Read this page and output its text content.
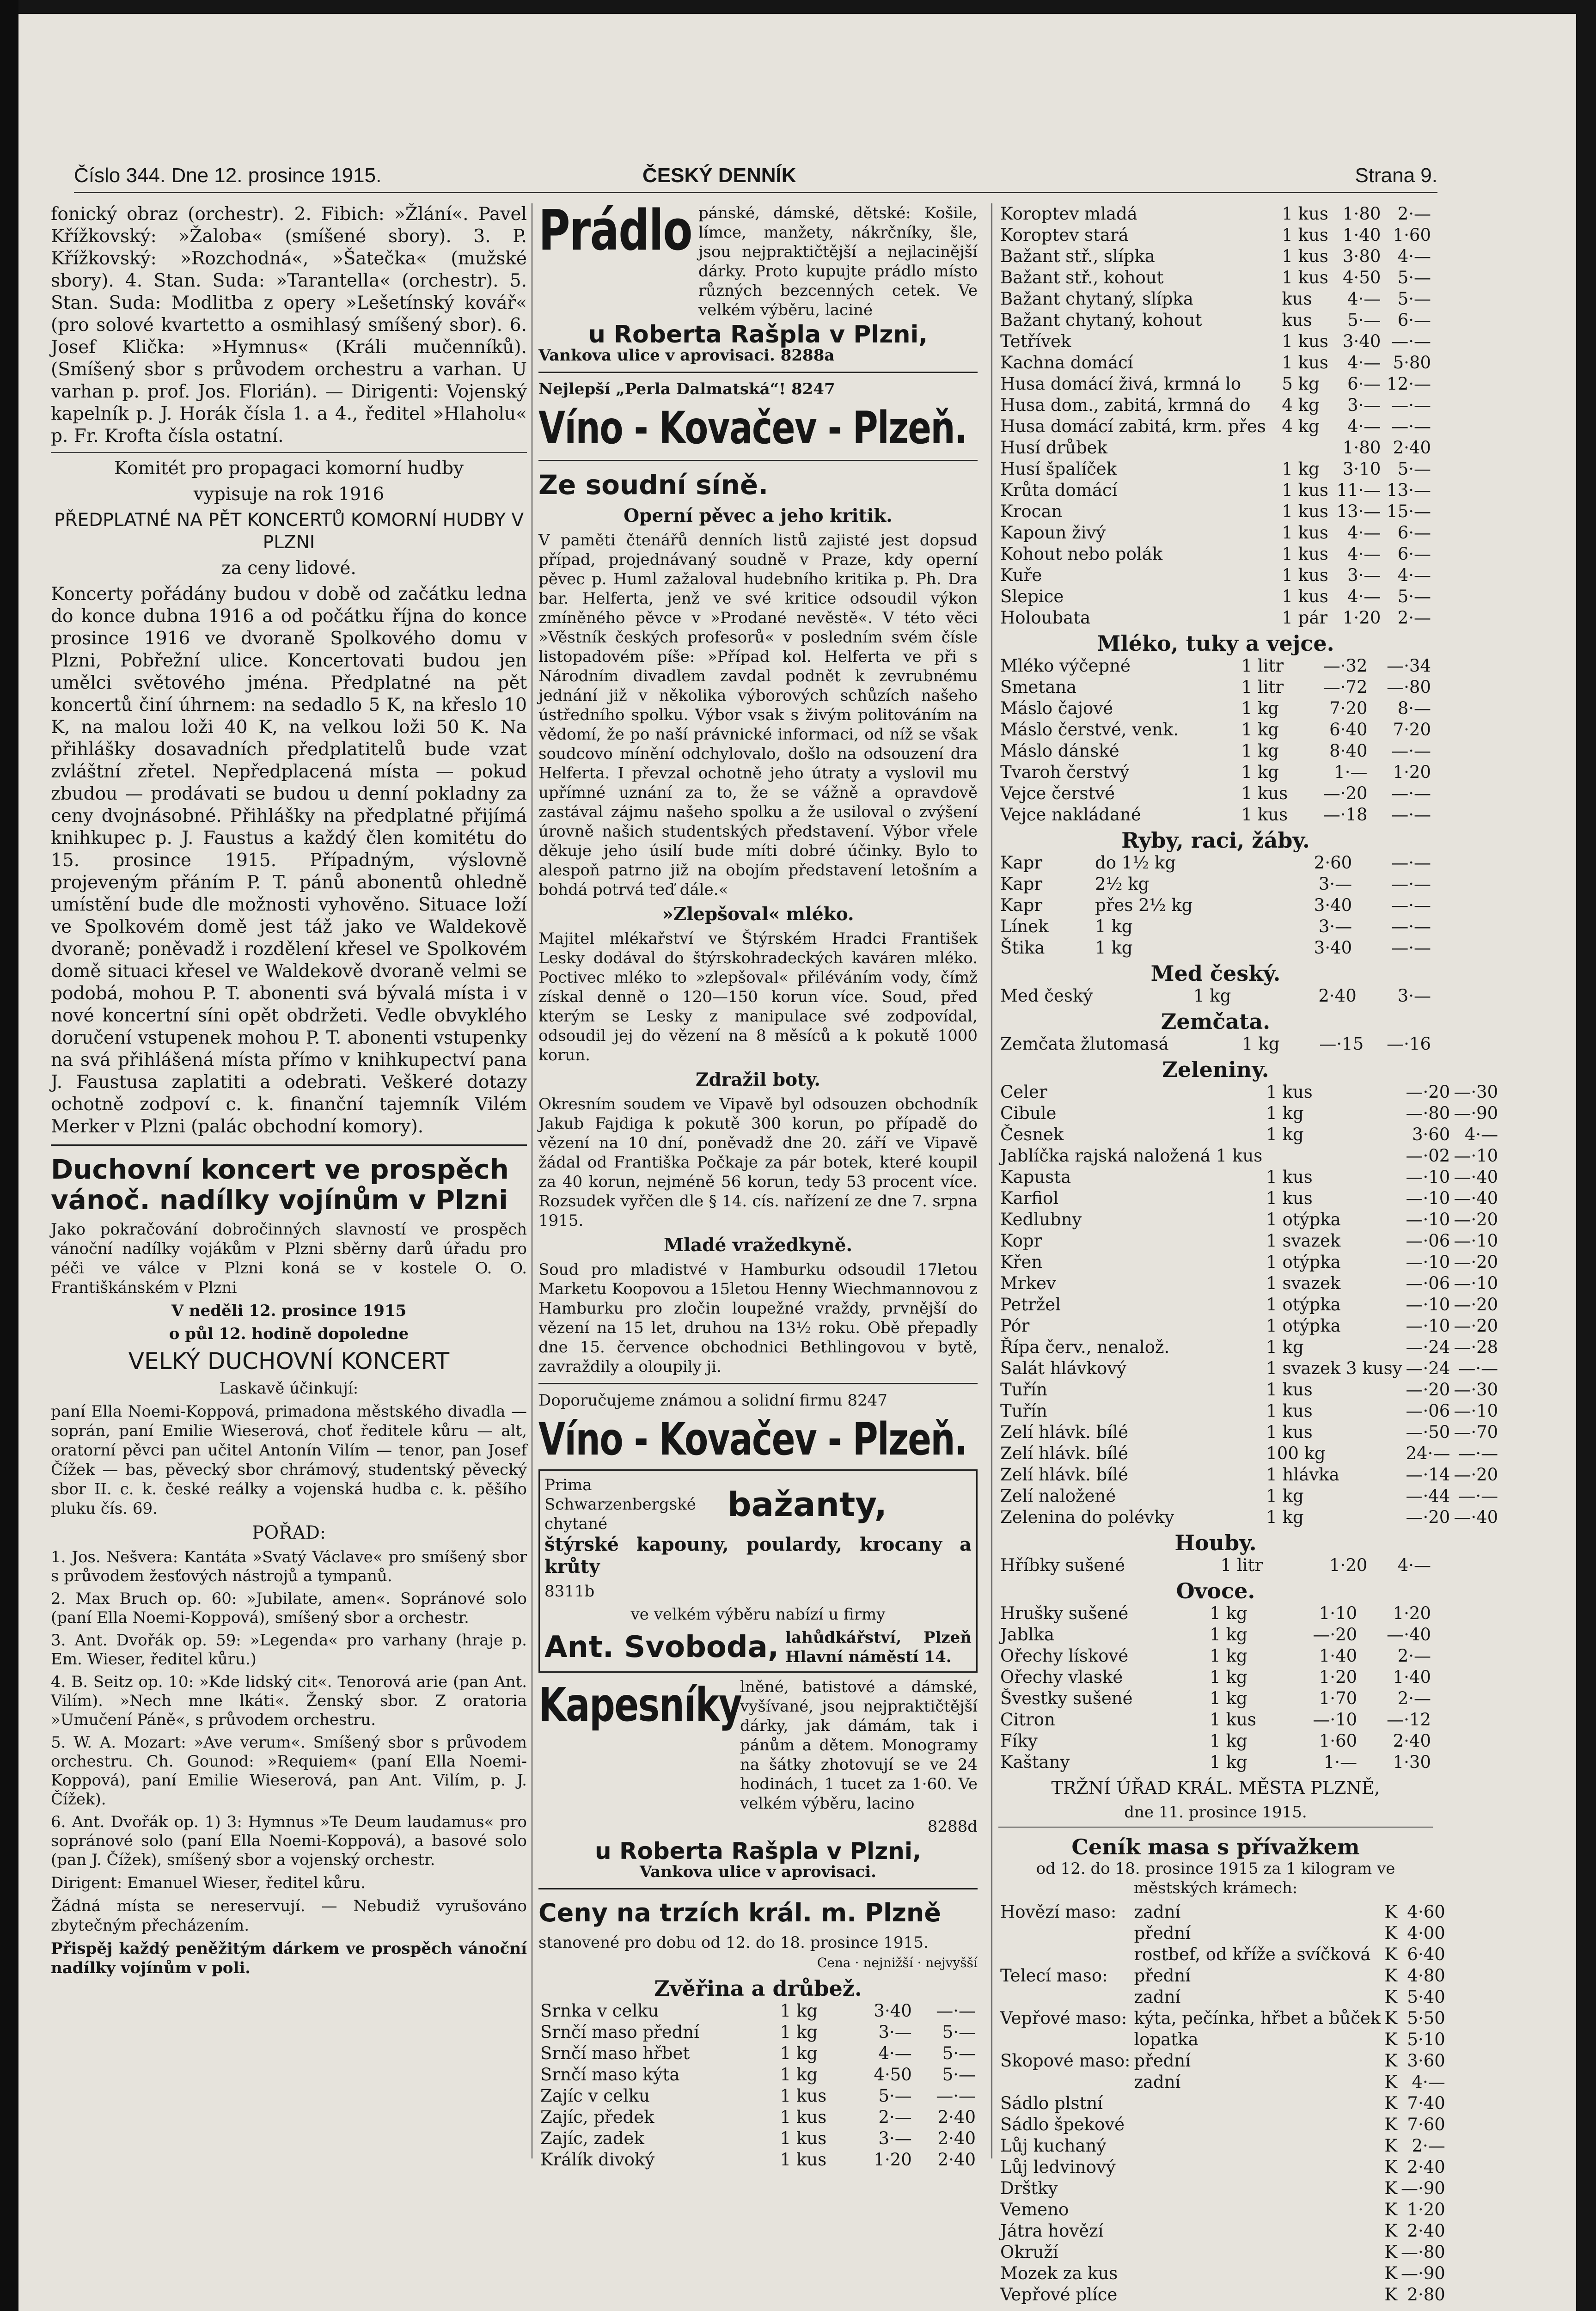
Číslo 344. Dne 12. prosince 1915.	ČESKÝ DENNÍK	Strana 9.

fonický obraz (orchestr). 2. Fibich: »Žlání«. Pavel Křížkovský: »Žaloba« (smíšené sbory). 3. P. Křížkovský: »Rozchodná«, »Šatečka« (mužské sbory). 4. Stan. Suda: »Tarantella« (orchestr). 5. Stan. Suda: Modlitba z opery »Lešetínský kovář« (pro solové kvartetto a osmihlasý smíšený sbor). 6. Josef Klička: »Hymnus« (Králi mučenníků). (Smíšený sbor s průvodem orchestru a varhan. U varhan p. prof. Jos. Florián). — Dirigenti: Vojenský kapelník p. J. Horák čísla 1. a 4., ředitel »Hlaholu« p. Fr. Krofta čísla ostatní.

Komitét pro propagaci komorní hudby

vypisuje na rok 1916

PŘEDPLATNÉ NA PĚT KONCERTŮ KOMORNÍ HUDBY V PLZNI

za ceny lidové.

Koncerty pořádány budou v době od začátku ledna do konce dubna 1916 a od počátku října do konce prosince 1916 ve dvoraně Spolkového domu v Plzni, Pobřežní ulice. Koncertovati budou jen umělci světového jména. Předplatné na pět koncertů činí úhrnem: na sedadlo 5 K, na křeslo 10 K, na malou loži 40 K, na velkou loži 50 K. Na přihlášky dosavadních předplatitelů bude vzat zvláštní zřetel. Nepředplacená místa — pokud zbudou — prodávati se budou u denní pokladny za ceny dvojnásobné. Přihlášky na předplatné přijímá knihkupec p. J. Faustus a každý člen komitétu do 15. prosince 1915. Případným, výslovně projeveným přáním P. T. pánů abonentů ohledně umístění bude dle možnosti vyhověno. Situace loží ve Spolkovém domě jest táž jako ve Waldekově dvoraně; poněvadž i rozdělení křesel ve Spolkovém domě situaci křesel ve Waldekově dvoraně velmi se podobá, mohou P. T. abonenti svá bývalá místa i v nové koncertní síni opět obdržeti. Vedle obvyklého doručení vstupenek mohou P. T. abonenti vstupenky na svá přihlášená místa přímo v knihkupectví pana J. Faustusa zaplatiti a odebrati. Veškeré dotazy ochotně zodpoví c. k. finanční tajemník Vilém Merker v Plzni (palác obchodní komory).

Duchovní koncert ve prospěch vánoč. nadílky vojínům v Plzni

Jako pokračování dobročinných slavností ve prospěch vánoční nadílky vojákům v Plzni sběrny darů úřadu pro péči ve válce v Plzni koná se v kostele O. O. Františkánském v Plzni

V neděli 12. prosince 1915

o půl 12. hodině dopoledne

VELKÝ DUCHOVNÍ KONCERT

Laskavě účinkují:

paní Ella Noemi-Koppová, primadona městského divadla — soprán, paní Emilie Wieserová, choť ředitele kůru — alt, oratorní pěvci pan učitel Antonín Vilím — tenor, pan Josef Čížek — bas, pěvecký sbor chrámový, studentský pěvecký sbor II. c. k. české reálky a vojenská hudba c. k. pěšího pluku čís. 69.

POŘAD:

1. Jos. Nešvera: Kantáta »Svatý Václave« pro smíšený sbor s průvodem žesťových nástrojů a tympanů.

2. Max Bruch op. 60: »Jubilate, amen«. Sopránové solo (paní Ella Noemi-Koppová), smíšený sbor a orchestr.

3. Ant. Dvořák op. 59: »Legenda« pro varhany (hraje p. Em. Wieser, ředitel kůru.)

4. B. Seitz op. 10: »Kde lidský cit«. Tenorová arie (pan Ant. Vilím). »Nech mne lkáti«. Ženský sbor. Z oratoria »Umučení Páně«, s průvodem orchestru.

5. W. A. Mozart: »Ave verum«. Smíšený sbor s průvodem orchestru. Ch. Gounod: »Requiem« (paní Ella Noemi-Koppová), paní Emilie Wieserová, pan Ant. Vilím, p. J. Čížek).

6. Ant. Dvořák op. 1) 3: Hymnus »Te Deum laudamus« pro sopránové solo (paní Ella Noemi-Koppová), a basové solo (pan J. Čížek), smíšený sbor a vojenský orchestr.

Dirigent: Emanuel Wieser, ředitel kůru.

Žádná místa se nereservují. — Nebudiž vyrušováno zbytečným přecházením.

Přispěj každý peněžitým dárkem ve prospěch vánoční nadílky vojínům v poli.

Prádlo pánské, dámské, dětské: Košile, límce, manžety, nákrčníky, šle, jsou nejpraktičtější a nejlacinější dárky. Proto kupujte prádlo místo různých bezcenných cetek. Ve velkém výběru, laciné

u Roberta Rašpla v Plzni,

Vankova ulice v aprovisaci. 8288a

Nejlepší „Perla Dalmatská“! 8247

Víno - Kovačev - Plzeň.
Ze soudní síně.

Operní pěvec a jeho kritik.

V paměti čtenářů denních listů zajisté jest dopsud případ, projednávaný soudně v Praze, kdy operní pěvec p. Huml zažaloval hudebního kritika p. Ph. Dra bar. Helferta, jenž ve své kritice odsoudil výkon zmíněného pěvce v »Prodané nevěstě«. V této věci »Věstník českých profesorů« v posledním svém čísle listopadovém píše: »Případ kol. Helferta ve při s Národním divadlem zavdal podnět k zevrubnému jednání již v několika výborových schůzích našeho ústředního spolku. Výbor vsak s živým politováním na vědomí, že po naší právnické informaci, od níž se však soudcovo mínění odchylovalo, došlo na odsouzení dra Helferta. I převzal ochotně jeho útraty a vyslovil mu upřímné uznání za to, že se vážně a opravdově zastával zájmu našeho spolku a že usiloval o zvýšení úrovně našich studentských představení. Výbor vřele děkuje jeho úsilí bude míti dobré účinky. Bylo to alespoň patrno již na obojím představení letošním a bohdá potrvá teď dále.«

»Zlepšoval« mléko.

Majitel mlékařství ve Štýrském Hradci František Lesky dodával do štýrskohradeckých kaváren mléko. Poctivec mléko to »zlepšoval« přiléváním vody, čímž získal denně o 120—150 korun více. Soud, před kterým se Lesky z manipulace své zodpovídal, odsoudil jej do vězení na 8 měsíců a k pokutě 1000 korun.

Zdražil boty.

Okresním soudem ve Vipavě byl odsouzen obchodník Jakub Fajdiga k pokutě 300 korun, po případě do vězení na 10 dní, poněvadž dne 20. září ve Vipavě žádal od Františka Počkaje za pár botek, které koupil za 40 korun, nejméně 56 korun, tedy 53 procent více. Rozsudek vyřčen dle § 14. cís. nařízení ze dne 7. srpna 1915.

Mladé vražedkyně.

Soud pro mladistvé v Hamburku odsoudil 17letou Marketu Koopovou a 15letou Henny Wiechmannovou z Hamburku pro zločin loupežné vraždy, prvnější do vězení na 15 let, druhou na 13½ roku. Obě přepadly dne 15. července obchodnici Bethlingovou v bytě, zavraždily a oloupily ji.

Doporučujeme známou a solidní firmu 8247

Víno - Kovačev - Plzeň.

Prima Schwarzenbergské chytané	bažanty,

štýrské kapouny, poulardy, krocany a krůty

8311b

ve velkém výběru nabízí u firmy

Ant. Svoboda, lahůdkářství, Plzeň Hlavní náměstí 14.

Kapesníky

lněné, batistové a dámské, vyšívané, jsou nejpraktičtější dárky, jak dámám, tak i pánům a dětem. Monogramy na šátky zhotovují se ve 24 hodinách, 1 tucet za 1·60. Ve velkém výběru, lacino

8288d

u Roberta Rašpla v Plzni,

Vankova ulice v aprovisaci.

Ceny na trzích král. m. Plzně

stanovené pro dobu od 12. do 18. prosince 1915.

Cena · nejnižší · nejvyšší

Zvěřina a drůbež.
Srnka v celku	1 kg	3·40	—·—
Srnčí maso přední	1 kg	3·—	5·—
Srnčí maso hřbet	1 kg	4·—	5·—
Srnčí maso kýta	1 kg	4·50	5·—
Zajíc v celku	1 kus	5·—	—·—
Zajíc, předek	1 kus	2·—	2·40
Zajíc, zadek	1 kus	3·—	2·40
Králík divoký	1 kus	1·20	2·40
Koroptev mladá	1 kus	1·80	2·—
Koroptev stará	1 kus	1·40	1·60
Bažant stř., slípka	1 kus	3·80	4·—
Bažant stř., kohout	1 kus	4·50	5·—
Bažant chytaný, slípka	kus	4·—	5·—
Bažant chytaný, kohout	kus	5·—	6·—
Tetřívek	1 kus	3·40	—·—
Kachna domácí	1 kus	4·—	5·80
Husa domácí živá, krmná lo	5 kg	6·—	12·—
Husa dom., zabitá, krmná do	4 kg	3·—	—·—
Husa domácí zabitá, krm. přes	4 kg	4·—	—·—
Husí drůbek		1·80	2·40
Husí špalíček	1 kg	3·10	5·—
Krůta domácí	1 kus	11·—	13·—
Krocan	1 kus	13·—	15·—
Kapoun živý	1 kus	4·—	6·—
Kohout nebo polák	1 kus	4·—	6·—
Kuře	1 kus	3·—	4·—
Slepice	1 kus	4·—	5·—
Holoubata	1 pár	1·20	2·—
Mléko, tuky a vejce.
Mléko výčepné	1 litr	—·32	—·34
Smetana	1 litr	—·72	—·80
Máslo čajové	1 kg	7·20	8·—
Máslo čerstvé, venk.	1 kg	6·40	7·20
Máslo dánské	1 kg	8·40	—·—
Tvaroh čerstvý	1 kg	1·—	1·20
Vejce čerstvé	1 kus	—·20	—·—
Vejce nakládané	1 kus	—·18	—·—
Ryby, raci, žáby.
Kapr	do 1½ kg	2·60	—·—
Kapr	2½ kg	3·—	—·—
Kapr	přes 2½ kg	3·40	—·—
Línek	1 kg	3·—	—·—
Štika	1 kg	3·40	—·—
Med český.
Med český	1 kg	2·40	3·—
Zemčata.
Zemčata žlutomasá	1 kg	—·15	—·16
Zeleniny.
Celer	1 kus	—·20	—·30
Cibule	1 kg	—·80	—·90
Česnek	1 kg	3·60	4·—
Jablíčka rajská naložená 1 kus		—·02	—·10
Kapusta	1 kus	—·10	—·40
Karfiol	1 kus	—·10	—·40
Kedlubny	1 otýpka	—·10	—·20
Kopr	1 svazek	—·06	—·10
Křen	1 otýpka	—·10	—·20
Mrkev	1 svazek	—·06	—·10
Petržel	1 otýpka	—·10	—·20
Pór	1 otýpka	—·10	—·20
Řípa červ., nenalož.	1 kg	—·24	—·28
Salát hlávkový	1 svazek 3 kusy	—·24	—·—
Tuřín	1 kus	—·20	—·30
Tuřín	1 kus	—·06	—·10
Zelí hlávk. bílé	1 kus	—·50	—·70
Zelí hlávk. bílé	100 kg	24·—	—·—
Zelí hlávk. bílé	1 hlávka	—·14	—·20
Zelí naložené	1 kg	—·44	—·—
Zelenina do polévky	1 kg	—·20	—·40
Houby.
Hříbky sušené	1 litr	1·20	4·—
Ovoce.
Hrušky sušené	1 kg	1·10	1·20
Jablka	1 kg	—·20	—·40
Ořechy lískové	1 kg	1·40	2·—
Ořechy vlaské	1 kg	1·20	1·40
Švestky sušené	1 kg	1·70	2·—
Citron	1 kus	—·10	—·12
Fíky	1 kg	1·60	2·40
Kaštany	1 kg	1·—	1·30

TRŽNÍ ÚŘAD KRÁL. MĚSTA PLZNĚ,

dne 11. prosince 1915.

Ceník masa s přívažkem

od 12. do 18. prosince 1915 za 1 kilogram ve městských krámech:

Hovězí maso:	zadní	K	4·60
	přední	K	4·00
	rostbef, od kříže a svíčková	K	6·40
Telecí maso:	přední	K	4·80
	zadní	K	5·40
Vepřové maso:	kýta, pečínka, hřbet a bůček	K	5·50
	lopatka	K	5·10
Skopové maso:	přední	K	3·60
	zadní	K	4·—
Sádlo plstní		K	7·40
Sádlo špekové		K	7·60
Lůj kuchaný		K	2·—
Lůj ledvinový		K	2·40
Drštky		K	—·90
Vemeno		K	1·20
Játra hovězí		K	2·40
Okruží		K	—·80
Mozek za kus		K	—·90
Vepřové plíce		K	2·80
